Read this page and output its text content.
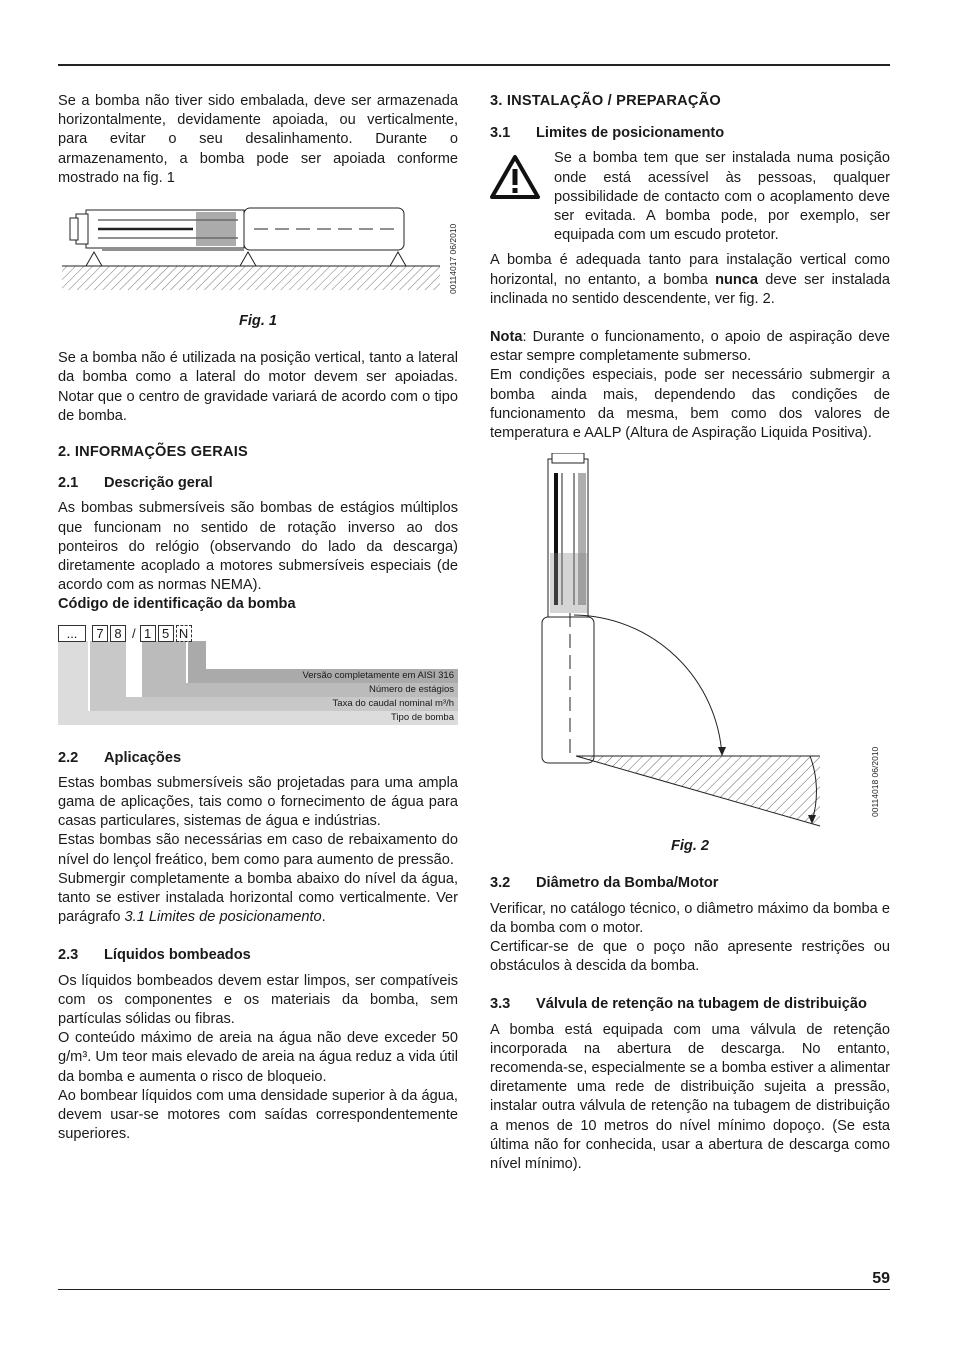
Se a bomba não tiver sido embalada, deve ser armazenada horizontalmente, devidamente apoiada, ou verticalmente, para evitar o seu desalinhamento. Durante o armazenamento, a bomba pode ser apoiada conforme mostrado na fig. 1

00114017 06/2010
Fig. 1

Se a bomba não é utilizada na posição vertical, tanto a lateral da bomba como a lateral do motor devem ser apoiadas. Notar que o centro de gravidade variará de acordo com o tipo de bomba.

2. INFORMAÇÕES GERAIS
2.1	Descrição geral

As bombas submersíveis são bombas de estágios múltiplos que funcionam no sentido de rotação inverso ao dos ponteiros do relógio (observando do lado da descarga) diretamente acoplado a motores submersíveis especiais (de acordo com as normas NEMA).

Código de identificação da bomba
...	7 8 / 1 5 N
Versão completamente em AISI 316
Número de estágios
Taxa do caudal nominal m³/h
Tipo de bomba
2.2	Aplicações

Estas bombas submersíveis são projetadas para uma ampla gama de aplicações, tais como o fornecimento de água para casas particulares, sistemas de água e indústrias.

Estas bombas são necessárias em caso de rebaixamento do nível do lençol freático, bem como para aumento de pressão.

Submergir completamente a bomba abaixo do nível da água, tanto se estiver instalada horizontal como verticalmente. Ver parágrafo 3.1 Limites de posicionamento.

2.3	Líquidos bombeados

Os líquidos bombeados devem estar limpos, ser compatíveis com os componentes e os materiais da bomba, sem partículas sólidas ou fibras.

O conteúdo máximo de areia na água não deve exceder 50 g/m³. Um teor mais elevado de areia na água reduz a vida útil da bomba e aumenta o risco de bloqueio.

Ao bombear líquidos com uma densidade superior à da água, devem usar-se motores com saídas correspondentemente superiores.

3. INSTALAÇÃO / PREPARAÇÃO
3.1	Limites de posicionamento

Se a bomba tem que ser instalada numa posição onde está acessível às pessoas, qualquer possibilidade de contacto com o acoplamento deve ser evitada. A bomba pode, por exemplo, ser equipada com um escudo protetor.

A bomba é adequada tanto para instalação vertical como horizontal, no entanto, a bomba nunca deve ser instalada inclinada no sentido descendente, ver fig. 2.

Nota: Durante o funcionamento, o apoio de aspiração deve estar sempre completamente submerso.

Em condições especiais, pode ser necessário submergir a bomba ainda mais, dependendo das condições de funcionamento da mesma, bem como dos valores de temperatura e AALP (Altura de Aspiração Liquida Positiva).

00114018 06/2010
Fig. 2
3.2	Diâmetro da Bomba/Motor

Verificar, no catálogo técnico, o diâmetro máximo da bomba e da bomba com o motor.

Certificar-se de que o poço não apresente restrições ou obstáculos à descida da bomba.

3.3	Válvula de retenção na tubagem de distribuição

A bomba está equipada com uma válvula de retenção incorporada na abertura de descarga. No entanto, recomenda-se, especialmente se a bomba estiver a alimentar diretamente uma rede de distribuição sujeita a pressão, instalar outra válvula de retenção na tubagem de distribuição a menos de 10 metros do nível mínimo dopoço. (Se esta última não for conhecida, usar a abertura de descarga como nível mínimo).

59
